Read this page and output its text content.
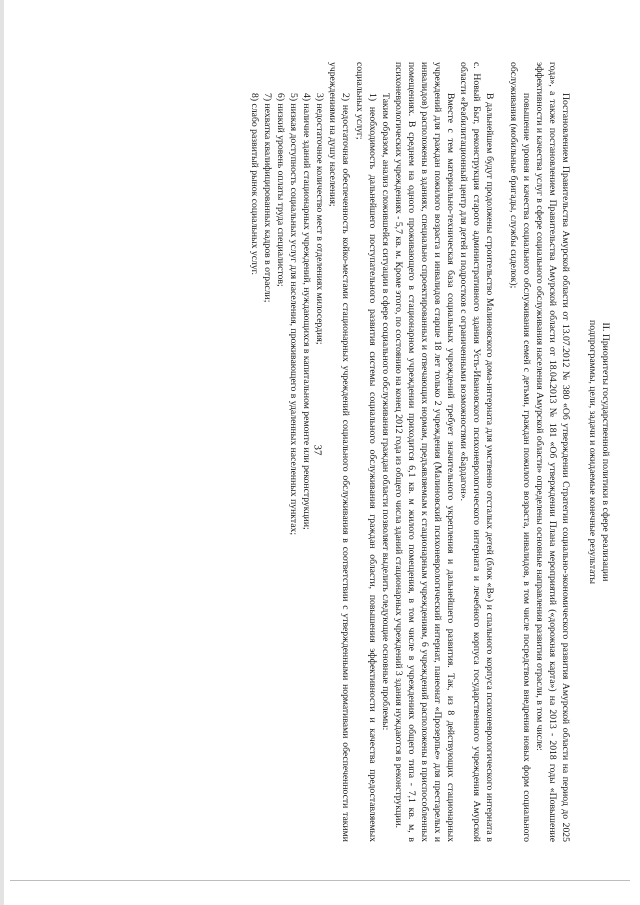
37	В дальнейшем будут продолжены строительство Малиновского дома-интерната для умственно отсталых детей (блок «В») и спального корпуса психоневрологического интерната в с. Новый Быт, реконструкция старого административного здания Усть-Ивановского психоневрологического интерната и лечебного корпуса государственного учреждения Амурской области «Реабилитационный центр для детей и подростков с ограниченными возможностями «Бардагон».

Вместе с тем материально-техническая база социальных учреждений требует значительного укрепления и дальнейшего развития. Так, из 8 действующих стационарных учреждений для граждан пожилого возраста и инвалидов старше 18 лет только 2 учреждения (Малиновский психоневрологический интернат, панеонат «Прозерпье» для престарелых и инвалидов) расположены в зданиях, специально спроектированных и отвечающих нормам, предъявляемым к стационарным учреждениям, 6 учреждений расположены в приспособленных помещениях. В среднем на одного проживающего в стационарном учреждении приходится 6,1 кв. м жилого помещения, в том числе в учреждениях общего типа - 7,1 кв. м, в психоневрологических учреждениях - 5,7 кв. м. Кроме этого, по состоянию на конец 2012 года из общего числа зданий стационарных учреждений 3 здания нуждаются в реконструкции.

Таким образом, анализ сложившейся ситуации в сфере социального обслуживания граждан области позволяет выделить следующие основные проблемы:

1) необходимость дальнейшего поступательного развития системы социального обслуживания граждан области, повышения эффективности и качества предоставляемых социальных услуг;

2) недостаточная обеспеченность койко-местами стационарных учреждений социального обслуживания в соответствии с утвержденными нормативами обеспеченности такими учреждениями на душу населения;

3) недостаточное количество мест в отделениях милосердия;

4) наличие зданий стационарных учреждений, нуждающихся в капитальном ремонте или реконструкции;

5) низкая доступность социальных услуг для населения, проживающего в удаленных населенных пунктах;

6) низкий уровень оплаты труда специалистов;

7) нехватка квалифицированных кадров в отрасли;

8) слабо развитый рынок социальных услуг.

II. Приоритеты государственной политики в сфере реализации

подпрограммы, цели, задачи и ожидаемые конечные результаты

Постановлением Правительства Амурской области от 13.07.2012 № 380 «Об утверждении Стратегии социально-экономического развития Амурской области на период до 2025 года», а также постановлением Правительства Амурской области от 18.04.2013 № 181 «Об утверждении Плана мероприятий («дорожная карта») на 2013 - 2018 годы «Повышение эффективности и качества услуг в сфере социального обслуживания населения Амурской области» определены основные направления развития отрасли, в том числе:

повышение уровня и качества социального обслуживания семей с детьми, граждан пожилого возраста, инвалидов, в том числе посредством внедрения новых форм социального обслуживания (мобильные бригады, службы сиделок);
